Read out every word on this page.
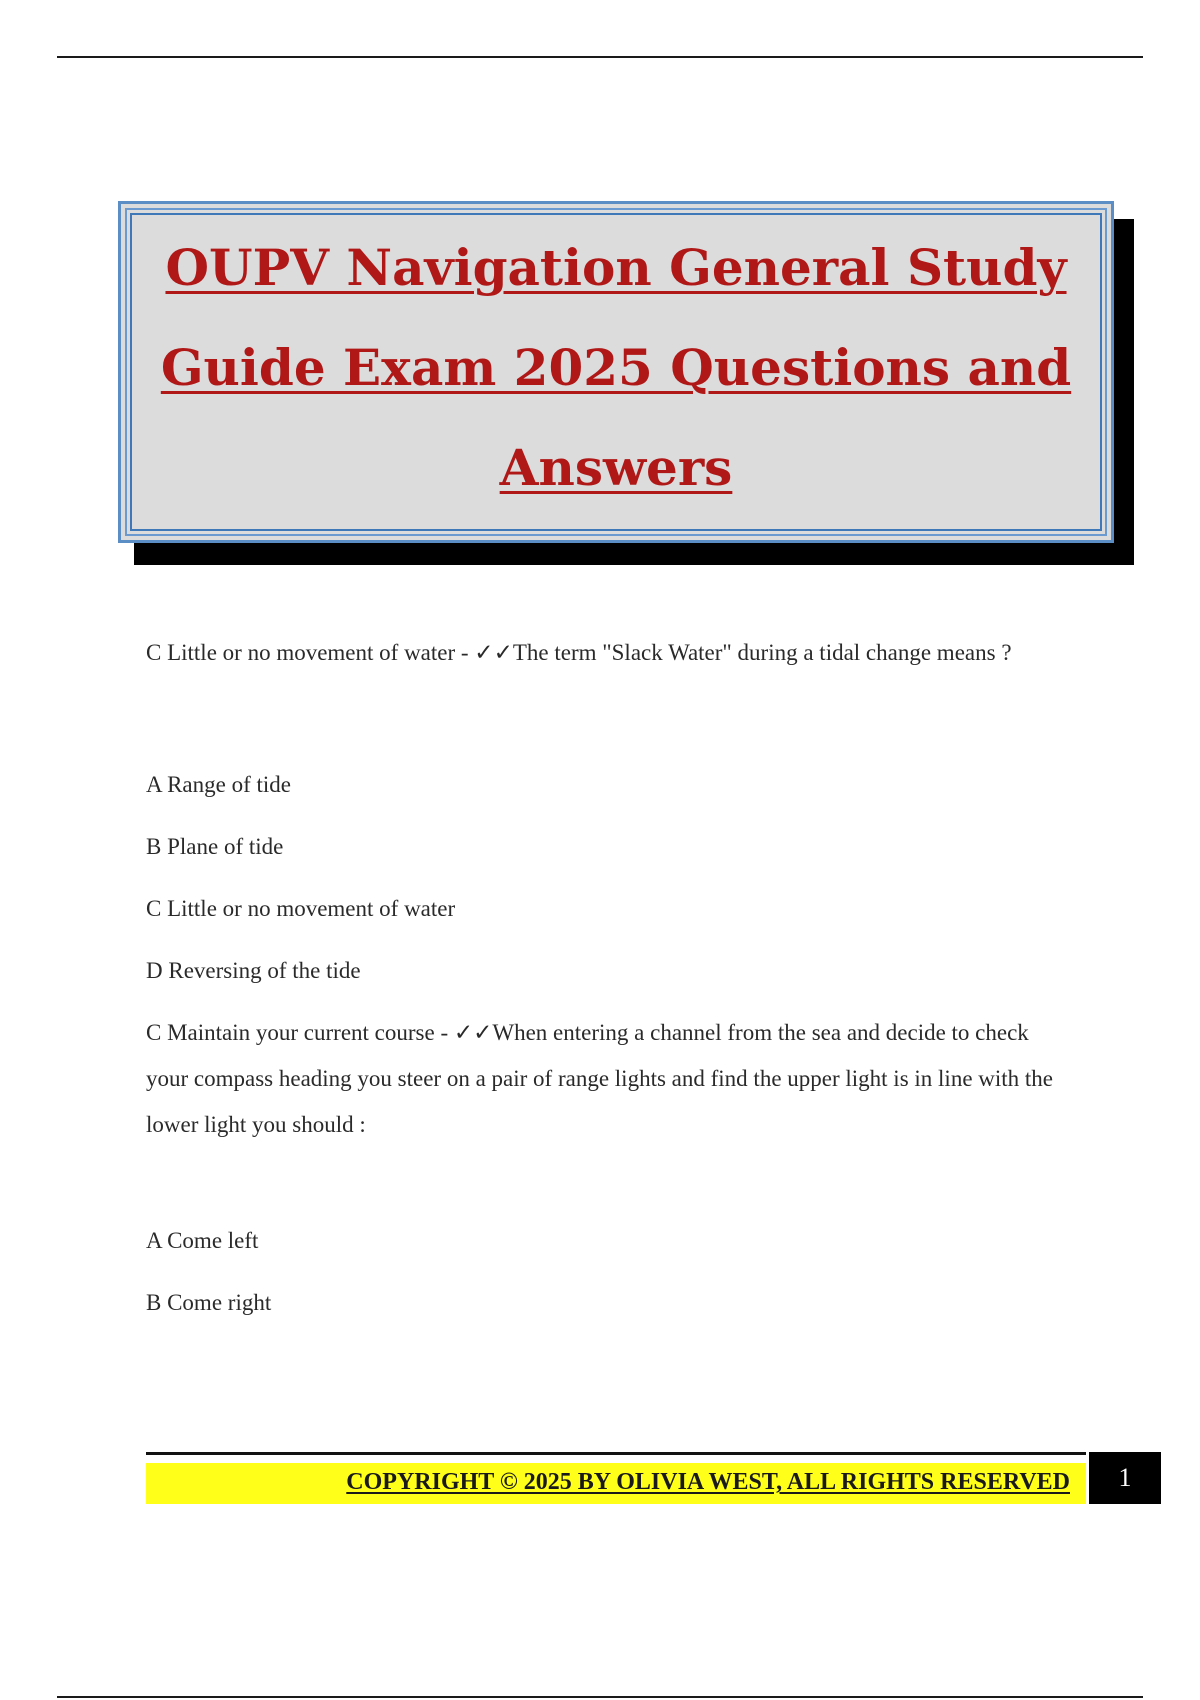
OUPV Navigation General Study
Guide Exam 2025 Questions and
Answers

C Little or no movement of water - ✓✓The term "Slack Water" during a tidal change means ?

A Range of tide

B Plane of tide

C Little or no movement of water

D Reversing of the tide

C Maintain your current course - ✓✓When entering a channel from the sea and decide to check your compass heading you steer on a pair of range lights and find the upper light is in line with the lower light you should :

A Come left

B Come right

COPYRIGHT © 2025 BY OLIVIA WEST, ALL RIGHTS RESERVED	1
